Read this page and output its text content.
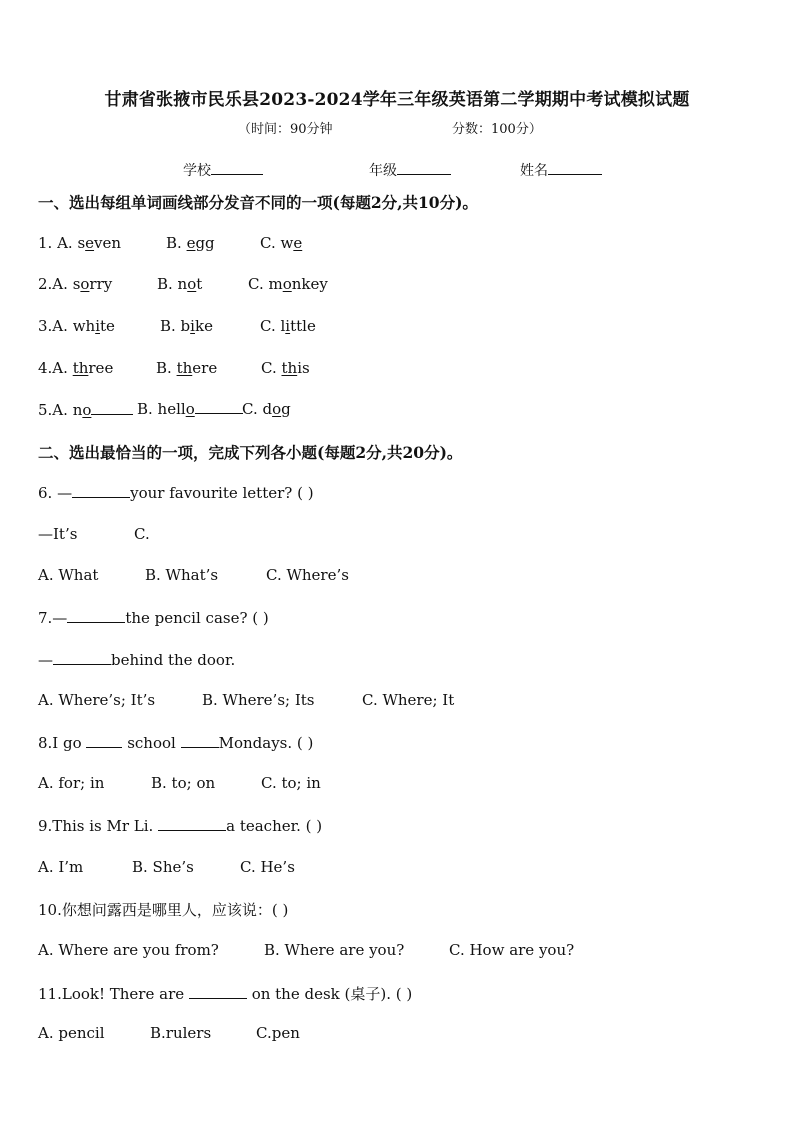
甘肃省张掖市民乐县2023-2024学年三年级英语第二学期期中考试模拟试题
（时间：90分钟	分数：100分）
学校	年级	姓名
一、选出每组单词画线部分发音不同的一项(每题2分,共10分)。
1. A. seven	B. egg	C. we
2.A. sorry	B. not	C. monkey
3.A. white	B. bike	C. little
4.A. three	B. there	C. this
5.A. no	B. hello	C. dog
二、选出最恰当的一项，完成下列各小题(每题2分,共20分)。
6. —	your favourite letter? ( )
—It’s	C.
A. What	B. What’s	C. Where’s
7.—	the pencil case? ( )
—	behind the door.
A. Where’s; It’s	B. Where’s; Its	C. Where; It
8.I go	school	Mondays. ( )
A. for; in	B. to; on	C. to; in
9.This is Mr Li.	a teacher. ( )
A. I’m	B. She’s	C. He’s
10.你想问露西是哪里人，应该说：( )
A. Where are you from?	B. Where are you?	C. How are you?
11.Look! There are	on the desk (桌子). ( )
A. pencil	B.rulers	C.pen
